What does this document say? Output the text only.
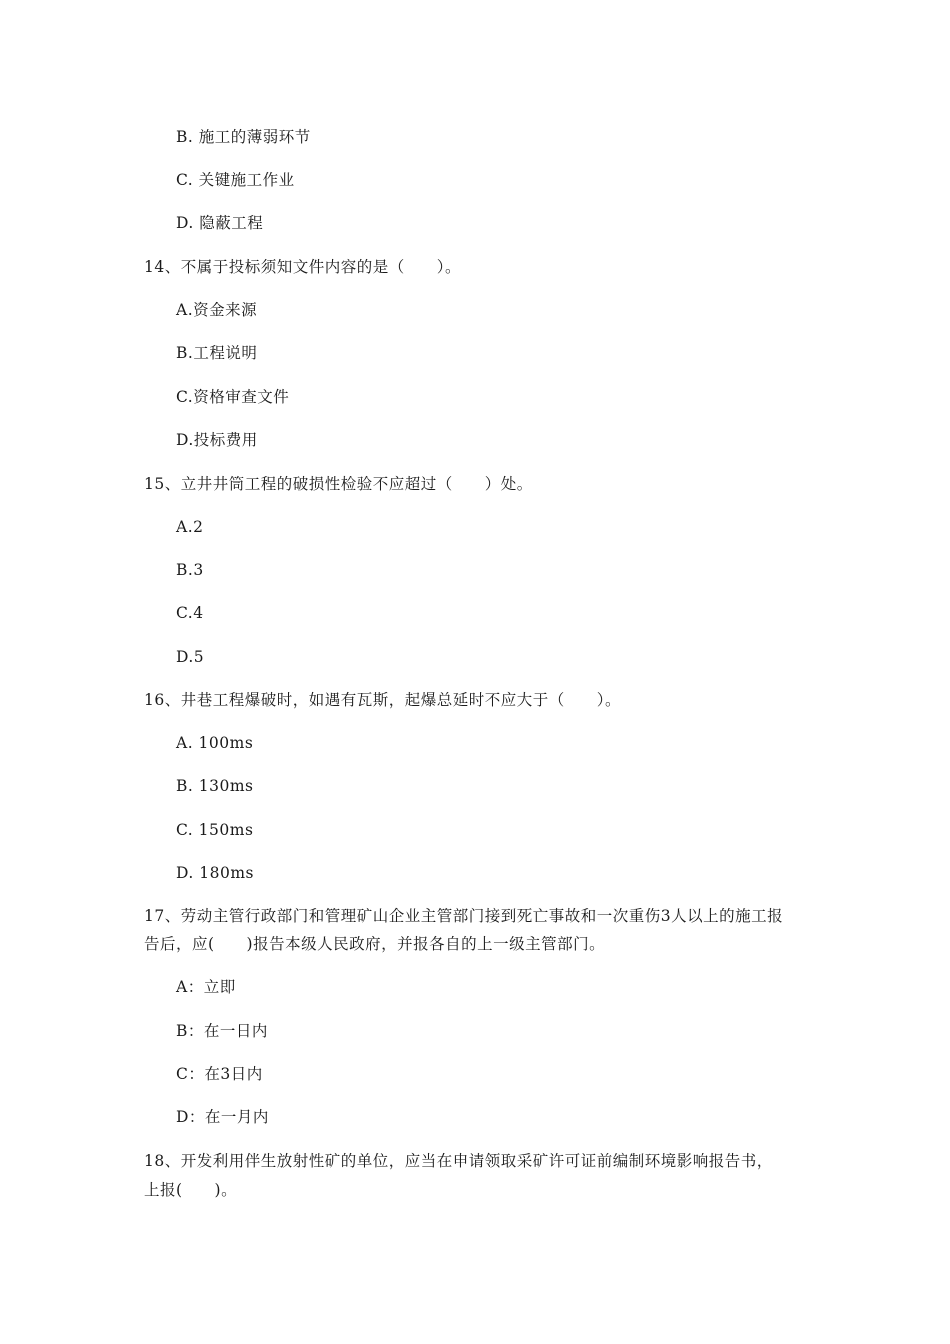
B. 施工的薄弱环节
C. 关键施工作业
D. 隐蔽工程
14、不属于投标须知文件内容的是（　　）。
A.资金来源
B.工程说明
C.资格审查文件
D.投标费用
15、立井井筒工程的破损性检验不应超过（　　）处。
A.2
B.3
C.4
D.5
16、井巷工程爆破时，如遇有瓦斯，起爆总延时不应大于（　　）。
A. 100ms
B. 130ms
C. 150ms
D. 180ms
17、劳动主管行政部门和管理矿山企业主管部门接到死亡事故和一次重伤3人以上的施工报
告后，应(　　)报告本级人民政府，并报各自的上一级主管部门。
A：立即
B：在一日内
C：在3日内
D：在一月内
18、开发利用伴生放射性矿的单位，应当在申请领取采矿许可证前编制环境影响报告书，
上报(　　)。
